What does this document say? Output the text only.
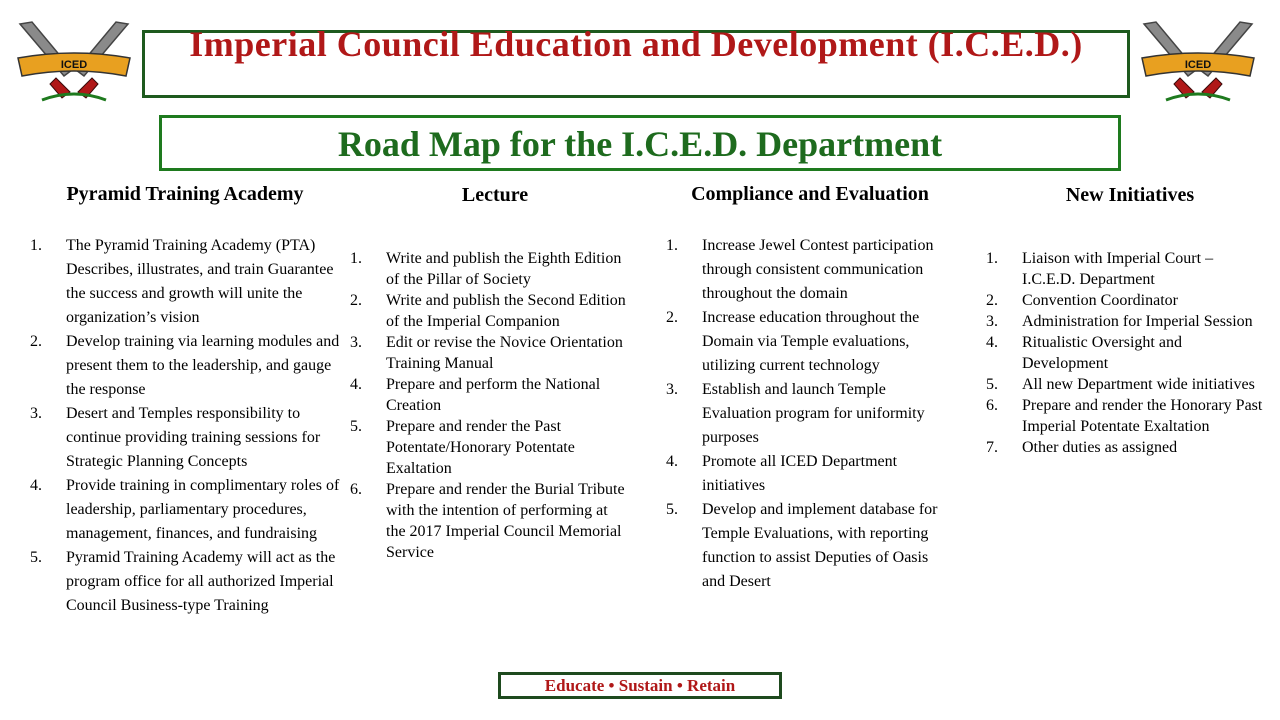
ICED	ICED
Imperial Council Education and Development (I.C.E.D.)
Road Map for the I.C.E.D. Department
Pyramid Training Academy	Lecture	Compliance and Evaluation	New Initiatives
1. The Pyramid Training Academy (PTA) Describes, illustrates, and train Guarantee the success and growth will unite the organization’s vision
2. Develop training via learning modules and present them to the leadership, and gauge the response
3. Desert and Temples responsibility to continue providing training sessions for Strategic Planning Concepts
4. Provide training in complimentary roles of leadership, parliamentary procedures, management, finances, and fundraising
5. Pyramid Training Academy will act as the program office for all authorized Imperial Council Business-type Training
1. Write and publish the Eighth Edition of the Pillar of Society
2. Write and publish the Second Edition of the Imperial Companion
3. Edit or revise the Novice Orientation Training Manual
4. Prepare and perform the National Creation
5. Prepare and render the Past Potentate/Honorary Potentate Exaltation
6. Prepare and render the Burial Tribute with the intention of performing at the 2017 Imperial Council Memorial Service
1. Increase Jewel Contest participation through consistent communication throughout the domain
2. Increase education throughout the Domain via Temple evaluations, utilizing current technology
3. Establish and launch Temple Evaluation program for uniformity purposes
4. Promote all ICED Department initiatives
5. Develop and implement database for Temple Evaluations, with reporting function to assist Deputies of Oasis and Desert
1. Liaison with Imperial Court – I.C.E.D. Department
2. Convention Coordinator
3. Administration for Imperial Session
4. Ritualistic Oversight and Development
5. All new Department wide initiatives
6. Prepare and render the Honorary Past Imperial Potentate Exaltation
7. Other duties as assigned
Educate • Sustain • Retain
